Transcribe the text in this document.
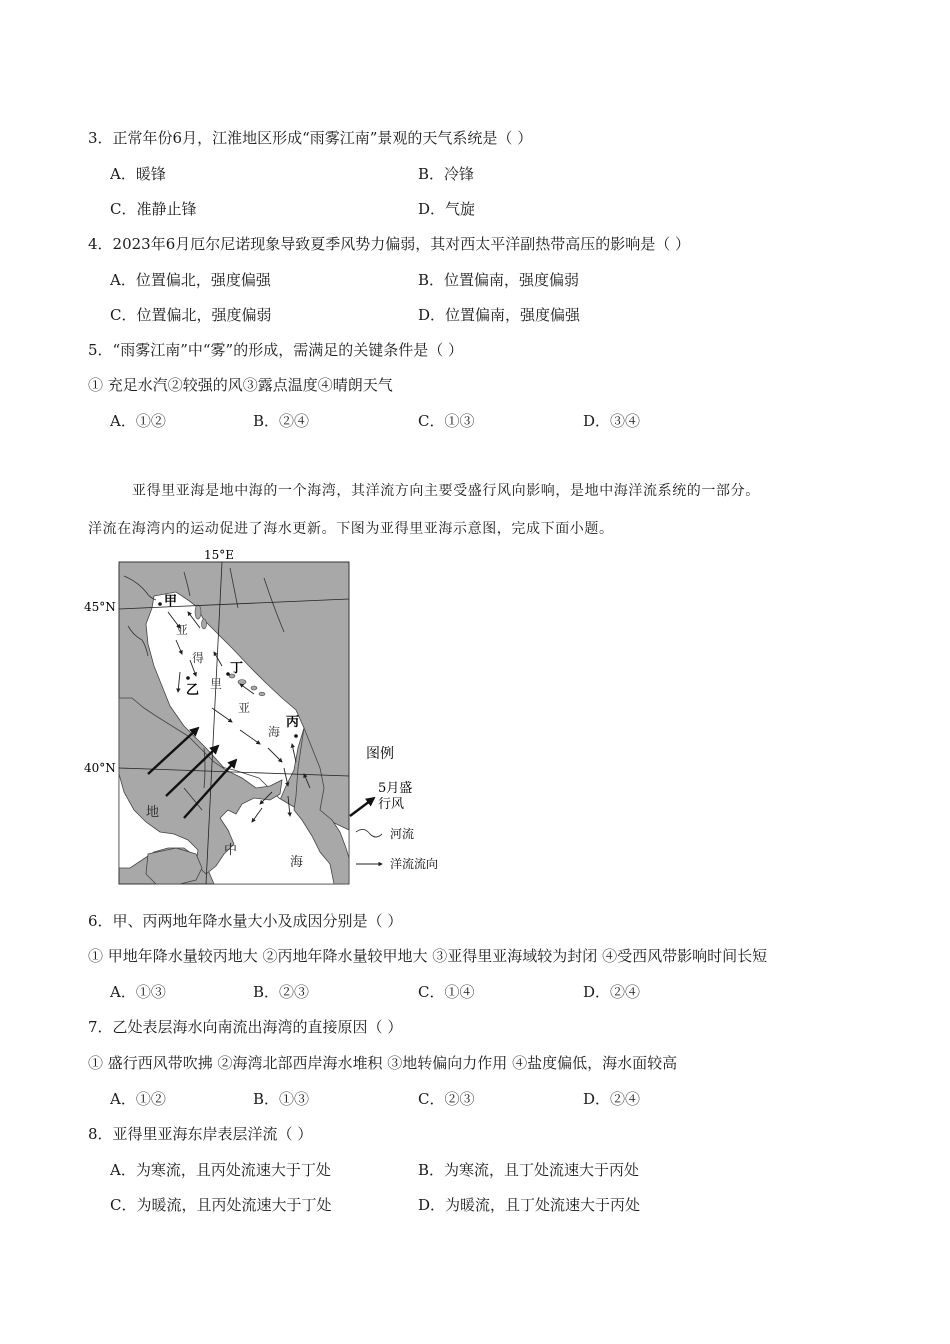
3．正常年份6月，江淮地区形成“雨雾江南”景观的天气系统是（ ）
A．暖锋	B．冷锋
C．准静止锋	D．气旋
4．2023年6月厄尔尼诺现象导致夏季风势力偏弱，其对西太平洋副热带高压的影响是（ ）
A．位置偏北，强度偏强	B．位置偏南，强度偏弱
C．位置偏北，强度偏弱	D．位置偏南，强度偏强
5．“雨雾江南”中“雾”的形成，需满足的关键条件是（ ）
① 充足水汽②较强的风③露点温度④晴朗天气
A．①②	B．②④	C．①③	D．③④
亚得里亚海是地中海的一个海湾，其洋流方向主要受盛行风向影响，是地中海洋流系统的一部分。
洋流在海湾内的运动促进了海水更新。下图为亚得里亚海示意图，完成下面小题。
15°E
45°N
40°N
甲
乙
丙
丁
亚
得
里
亚
海
地
中
海
图例
5月盛
行风
河流
洋流流向
6．甲、丙两地年降水量大小及成因分别是（ ）
① 甲地年降水量较丙地大 ②丙地年降水量较甲地大 ③亚得里亚海域较为封闭 ④受西风带影响时间长短
A．①③	B．②③	C．①④	D．②④
7．乙处表层海水向南流出海湾的直接原因（ ）
① 盛行西风带吹拂 ②海湾北部西岸海水堆积 ③地转偏向力作用 ④盐度偏低，海水面较高
A．①②	B．①③	C．②③	D．②④
8．亚得里亚海东岸表层洋流（ ）
A．为寒流，且丙处流速大于丁处	B．为寒流，且丁处流速大于丙处
C．为暖流，且丙处流速大于丁处	D．为暖流，且丁处流速大于丙处
